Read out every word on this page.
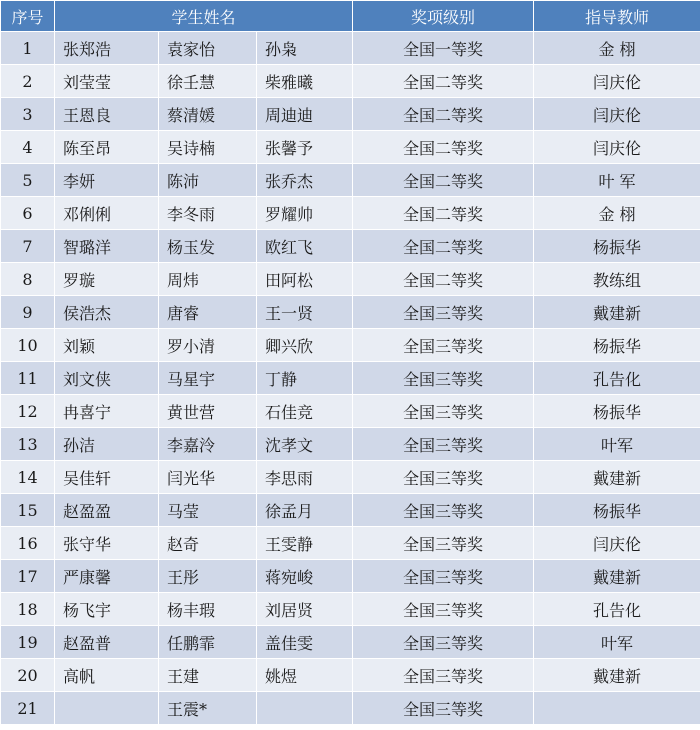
序号	学生姓名			奖项级别	指导教师
1	张郑浩	袁家怡	孙枭	全国一等奖	金 栩
2	刘莹莹	徐壬慧	柴雅曦	全国二等奖	闫庆伦
3	王恩良	蔡清媛	周迪迪	全国二等奖	闫庆伦
4	陈至昂	吴诗楠	张馨予	全国二等奖	闫庆伦
5	李妍	陈沛	张乔杰	全国二等奖	叶 军
6	邓俐俐	李冬雨	罗耀帅	全国二等奖	金 栩
7	智璐洋	杨玉发	欧红飞	全国二等奖	杨振华
8	罗璇	周炜	田阿松	全国二等奖	教练组
9	侯浩杰	唐睿	王一贤	全国三等奖	戴建新
10	刘颖	罗小清	卿兴欣	全国三等奖	杨振华
11	刘文侠	马星宇	丁静	全国三等奖	孔告化
12	冉喜宁	黄世营	石佳竞	全国三等奖	杨振华
13	孙洁	李嘉泠	沈孝文	全国三等奖	叶军
14	吴佳轩	闫光华	李思雨	全国三等奖	戴建新
15	赵盈盈	马莹	徐孟月	全国三等奖	杨振华
16	张守华	赵奇	王雯静	全国三等奖	闫庆伦
17	严康馨	王彤	蒋宛峻	全国三等奖	戴建新
18	杨飞宇	杨丰瑕	刘居贤	全国三等奖	孔告化
19	赵盈普	任鹏霏	盖佳雯	全国三等奖	叶军
20	高帆	王建	姚煜	全国三等奖	戴建新
21		王震*		全国三等奖	
